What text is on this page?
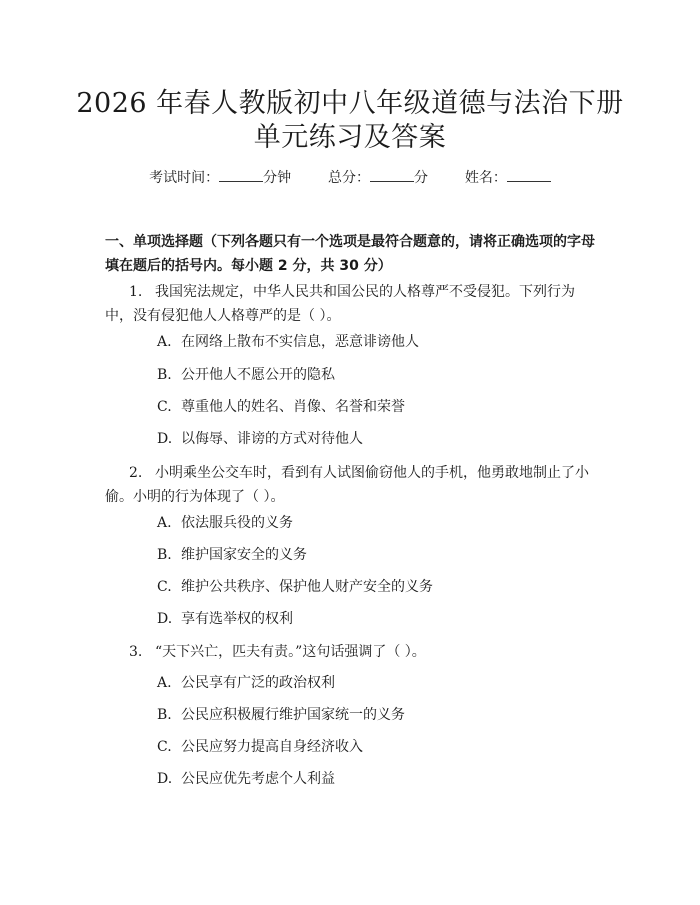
2026 年春人教版初中八年级道德与法治下册
单元练习及答案
考试时间：	分钟	总分：	分	姓名：
一、单项选择题（下列各题只有一个选项是最符合题意的，请将正确选项的字母填在题后的括号内。每小题 2 分，共 30 分）
1. 我国宪法规定，中华人民共和国公民的人格尊严不受侵犯。下列行为中，没有侵犯他人人格尊严的是（ ）。
A. 在网络上散布不实信息，恶意诽谤他人
B. 公开他人不愿公开的隐私
C. 尊重他人的姓名、肖像、名誉和荣誉
D. 以侮辱、诽谤的方式对待他人
2. 小明乘坐公交车时，看到有人试图偷窃他人的手机，他勇敢地制止了小偷。小明的行为体现了（ ）。
A. 依法服兵役的义务
B. 维护国家安全的义务
C. 维护公共秩序、保护他人财产安全的义务
D. 享有选举权的权利
3. “天下兴亡，匹夫有责。”这句话强调了（ ）。
A. 公民享有广泛的政治权利
B. 公民应积极履行维护国家统一的义务
C. 公民应努力提高自身经济收入
D. 公民应优先考虑个人利益
